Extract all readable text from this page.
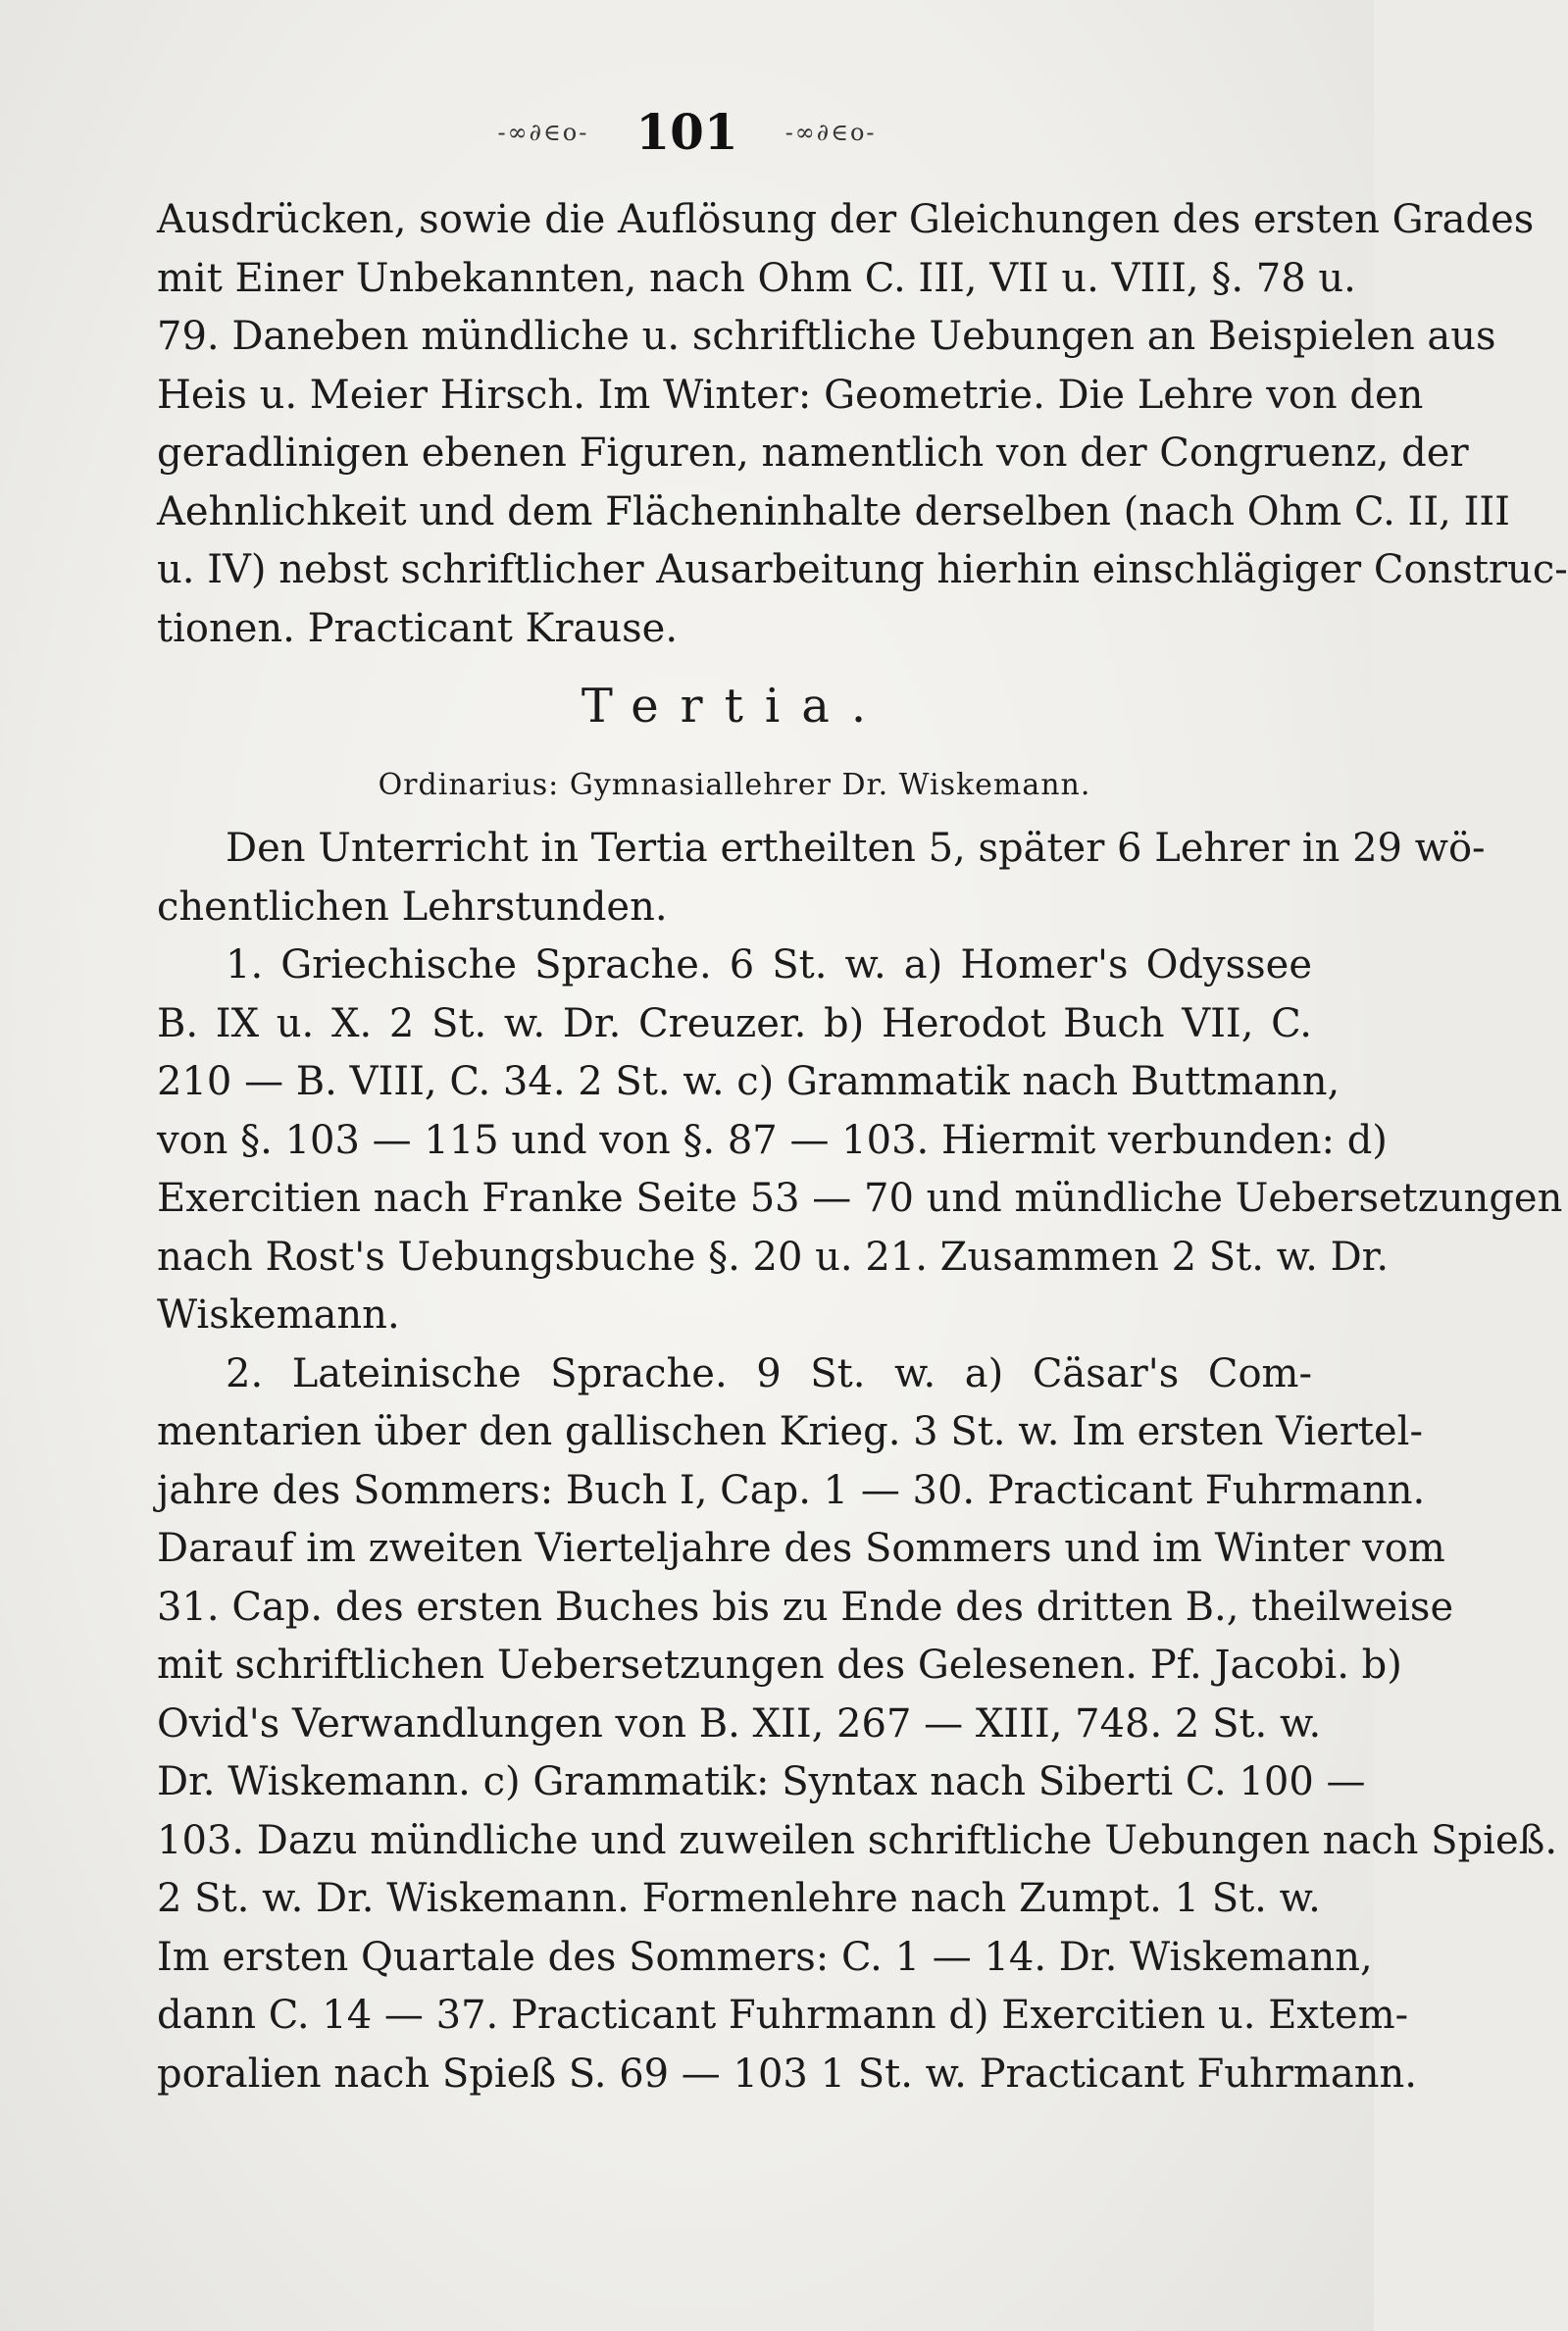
-∞∂∈o- 101 -∞∂∈o-
Ausdrücken, sowie die Auflösung der Gleichungen des ersten Grades
mit Einer Unbekannten, nach Ohm C. III, VII u. VIII, §. 78 u.
79. Daneben mündliche u. schriftliche Uebungen an Beispielen aus
Heis u. Meier Hirsch. Im Winter: Geometrie. Die Lehre von den
geradlinigen ebenen Figuren, namentlich von der Congruenz, der
Aehnlichkeit und dem Flächeninhalte derselben (nach Ohm C. II, III
u. IV) nebst schriftlicher Ausarbeitung hierhin einschlägiger Construc-
tionen. Practicant Krause.
Tertia.
Ordinarius: Gymnasiallehrer Dr. Wiskemann.
Den Unterricht in Tertia ertheilten 5, später 6 Lehrer in 29 wö-
chentlichen Lehrstunden.
1. Griechische Sprache. 6 St. w. a) Homer's Odyssee
B. IX u. X. 2 St. w. Dr. Creuzer. b) Herodot Buch VII, C.
210 — B. VIII, C. 34. 2 St. w. c) Grammatik nach Buttmann,
von §. 103 — 115 und von §. 87 — 103. Hiermit verbunden: d)
Exercitien nach Franke Seite 53 — 70 und mündliche Uebersetzungen
nach Rost's Uebungsbuche §. 20 u. 21. Zusammen 2 St. w. Dr.
Wiskemann.
2. Lateinische Sprache. 9 St. w. a) Cäsar's Com-
mentarien über den gallischen Krieg. 3 St. w. Im ersten Viertel-
jahre des Sommers: Buch I, Cap. 1 — 30. Practicant Fuhrmann.
Darauf im zweiten Vierteljahre des Sommers und im Winter vom
31. Cap. des ersten Buches bis zu Ende des dritten B., theilweise
mit schriftlichen Uebersetzungen des Gelesenen. Pf. Jacobi. b)
Ovid's Verwandlungen von B. XII, 267 — XIII, 748. 2 St. w.
Dr. Wiskemann. c) Grammatik: Syntax nach Siberti C. 100 —
103. Dazu mündliche und zuweilen schriftliche Uebungen nach Spieß.
2 St. w. Dr. Wiskemann. Formenlehre nach Zumpt. 1 St. w.
Im ersten Quartale des Sommers: C. 1 — 14. Dr. Wiskemann,
dann C. 14 — 37. Practicant Fuhrmann d) Exercitien u. Extem-
poralien nach Spieß S. 69 — 103 1 St. w. Practicant Fuhrmann.
